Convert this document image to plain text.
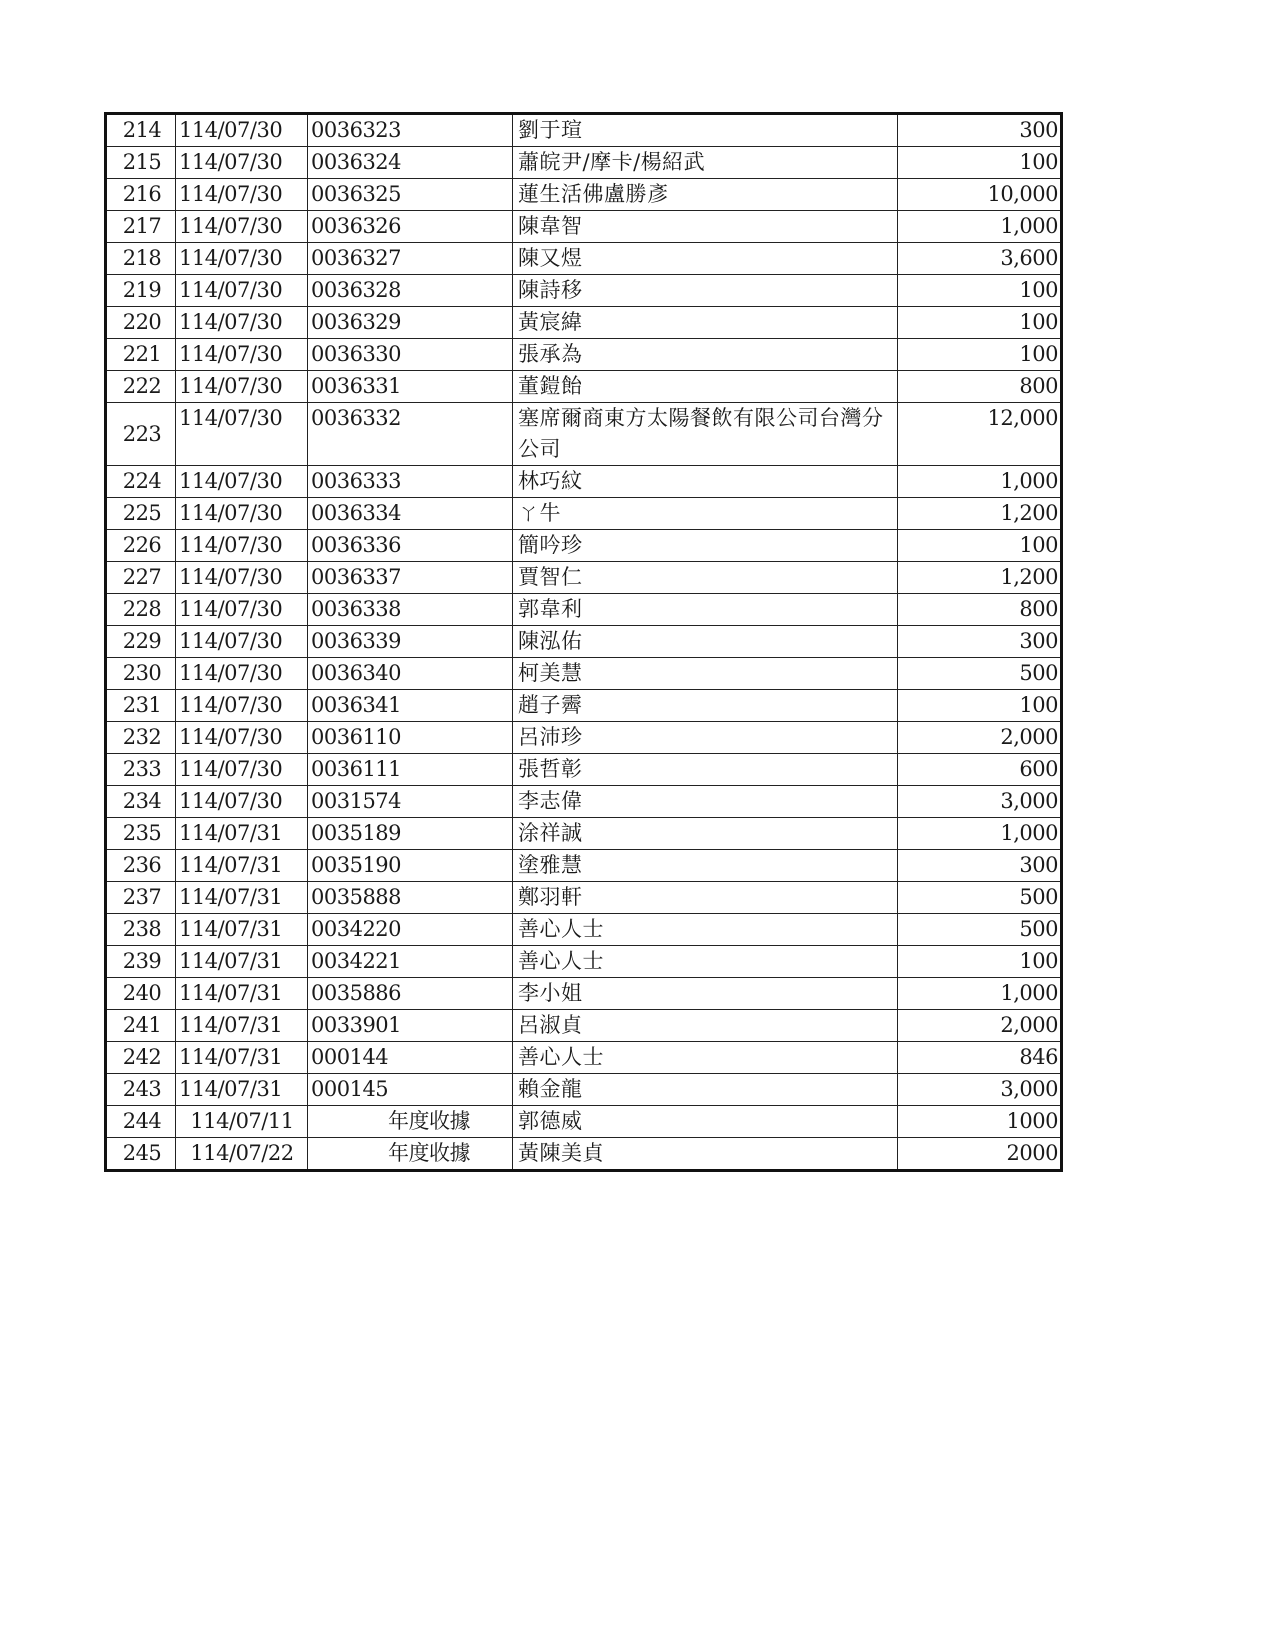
214	114/07/30	0036323	劉于瑄	300
215	114/07/30	0036324	蕭皖尹/摩卡/楊紹武	100
216	114/07/30	0036325	蓮生活佛盧勝彥	10,000
217	114/07/30	0036326	陳韋智	1,000
218	114/07/30	0036327	陳又煜	3,600
219	114/07/30	0036328	陳詩移	100
220	114/07/30	0036329	黃宸緯	100
221	114/07/30	0036330	張承為	100
222	114/07/30	0036331	董鎧飴	800
223	114/07/30	0036332	塞席爾商東方太陽餐飲有限公司台灣分公司	12,000
224	114/07/30	0036333	林巧紋	1,000
225	114/07/30	0036334	ㄚ牛	1,200
226	114/07/30	0036336	簡吟珍	100
227	114/07/30	0036337	賈智仁	1,200
228	114/07/30	0036338	郭韋利	800
229	114/07/30	0036339	陳泓佑	300
230	114/07/30	0036340	柯美慧	500
231	114/07/30	0036341	趙子霽	100
232	114/07/30	0036110	呂沛珍	2,000
233	114/07/30	0036111	張哲彰	600
234	114/07/30	0031574	李志偉	3,000
235	114/07/31	0035189	涂祥誠	1,000
236	114/07/31	0035190	塗雅慧	300
237	114/07/31	0035888	鄭羽軒	500
238	114/07/31	0034220	善心人士	500
239	114/07/31	0034221	善心人士	100
240	114/07/31	0035886	李小姐	1,000
241	114/07/31	0033901	呂淑貞	2,000
242	114/07/31	000144	善心人士	846
243	114/07/31	000145	賴金龍	3,000
244	114/07/11	年度收據	郭德威	1000
245	114/07/22	年度收據	黃陳美貞	2000
